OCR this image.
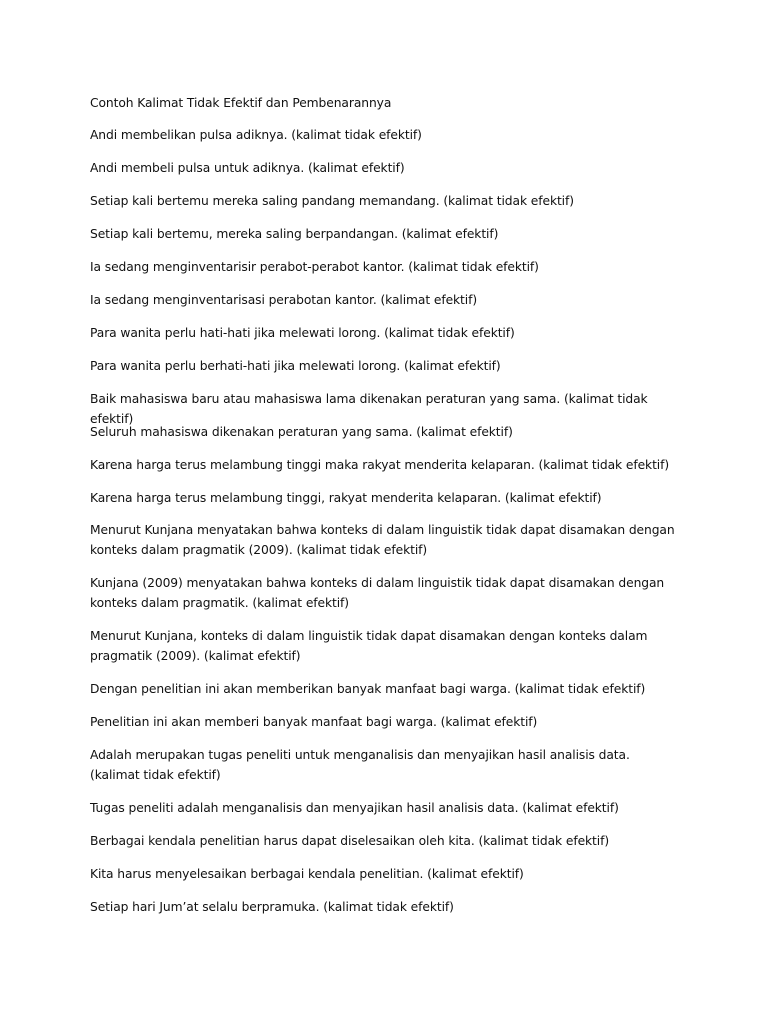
Contoh Kalimat Tidak Efektif dan Pembenarannya
Andi membelikan pulsa adiknya. (kalimat tidak efektif)
Andi membeli pulsa untuk adiknya. (kalimat efektif)
Setiap kali bertemu mereka saling pandang memandang. (kalimat tidak efektif)
Setiap kali bertemu, mereka saling berpandangan. (kalimat efektif)
Ia sedang menginventarisir perabot-perabot kantor. (kalimat tidak efektif)
Ia sedang menginventarisasi perabotan kantor. (kalimat efektif)
Para wanita perlu hati-hati jika melewati lorong. (kalimat tidak efektif)
Para wanita perlu berhati-hati jika melewati lorong. (kalimat efektif)
Baik mahasiswa baru atau mahasiswa lama dikenakan peraturan yang sama. (kalimat tidak efektif)
Seluruh mahasiswa dikenakan peraturan yang sama. (kalimat efektif)
Karena harga terus melambung tinggi maka rakyat menderita kelaparan. (kalimat tidak efektif)
Karena harga terus melambung tinggi, rakyat menderita kelaparan. (kalimat efektif)
Menurut Kunjana menyatakan bahwa konteks di dalam linguistik tidak dapat disamakan dengan konteks dalam pragmatik (2009). (kalimat tidak efektif)
Kunjana (2009) menyatakan bahwa konteks di dalam linguistik tidak dapat disamakan dengan konteks dalam pragmatik. (kalimat efektif)
Menurut Kunjana, konteks di dalam linguistik tidak dapat disamakan dengan konteks dalam pragmatik (2009). (kalimat efektif)
Dengan penelitian ini akan memberikan banyak manfaat bagi warga. (kalimat tidak efektif)
Penelitian ini akan memberi banyak manfaat bagi warga. (kalimat efektif)
Adalah merupakan tugas peneliti untuk menganalisis dan menyajikan hasil analisis data. (kalimat tidak efektif)
Tugas peneliti adalah menganalisis dan menyajikan hasil analisis data. (kalimat efektif)
Berbagai kendala penelitian harus dapat diselesaikan oleh kita. (kalimat tidak efektif)
Kita harus menyelesaikan berbagai kendala penelitian. (kalimat efektif)
Setiap hari Jum’at selalu berpramuka. (kalimat tidak efektif)
